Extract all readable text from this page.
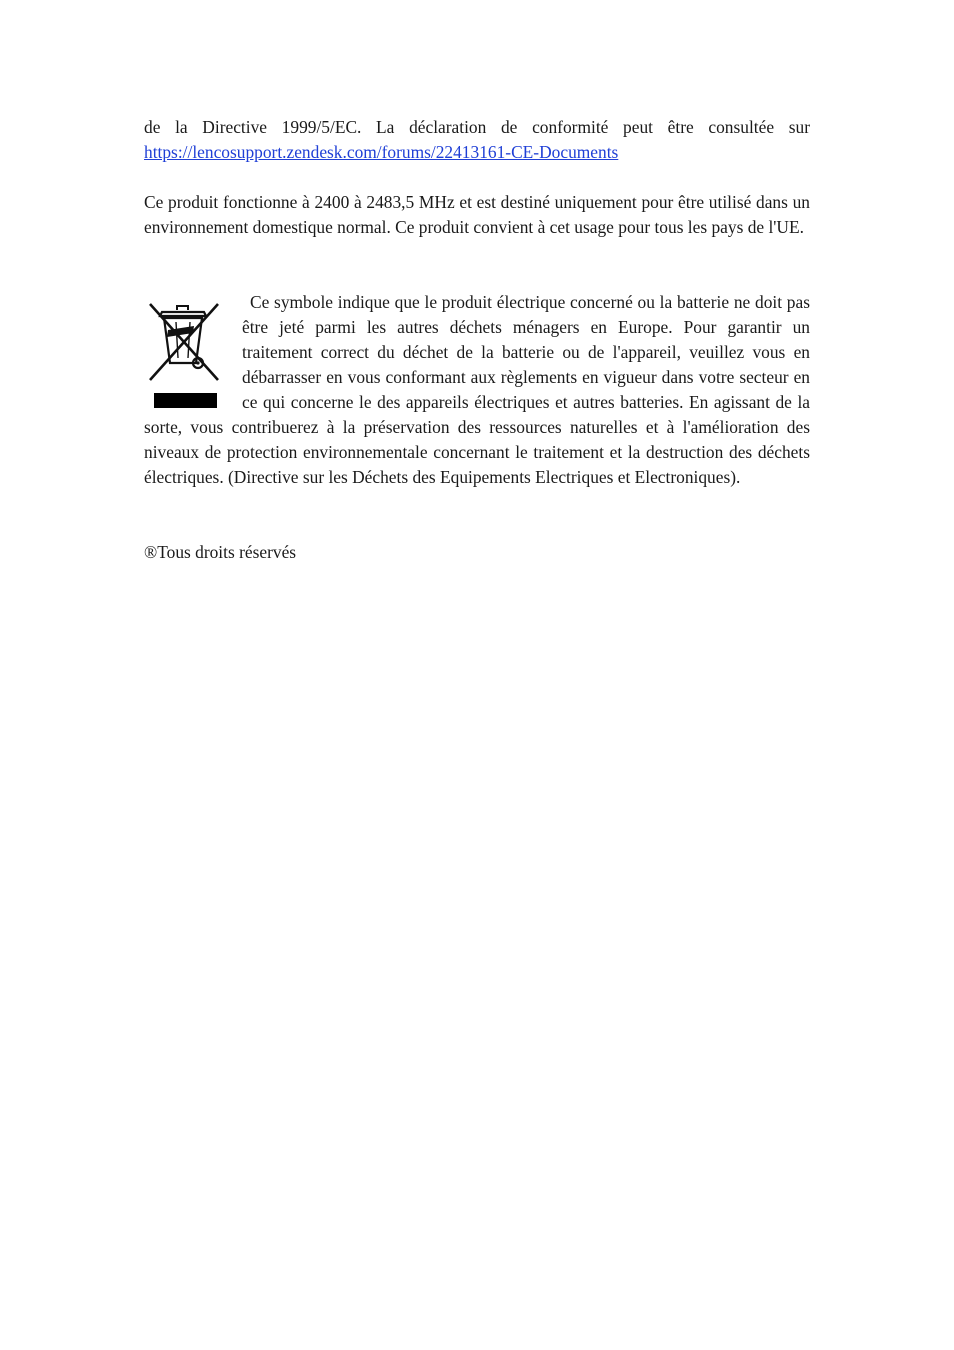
de la Directive 1999/5/EC. La déclaration de conformité peut être consultée sur https://lencosupport.zendesk.com/forums/22413161-CE-Documents

Ce produit fonctionne à 2400 à 2483,5 MHz et est destiné uniquement pour être utilisé dans un environnement domestique normal. Ce produit convient à cet usage pour tous les pays de l'UE.

Ce symbole indique que le produit électrique concerné ou la batterie ne doit pas être jeté parmi les autres déchets ménagers en Europe. Pour garantir un traitement correct du déchet de la batterie ou de l'appareil, veuillez vous en débarrasser en vous conformant aux règlements en vigueur dans votre secteur en ce qui concerne le des appareils électriques et autres batteries. En agissant de la sorte, vous contribuerez à la préservation des ressources naturelles et à l'amélioration des niveaux de protection environnementale concernant le traitement et la destruction des déchets électriques. (Directive sur les Déchets des Equipements Electriques et Electroniques).

®Tous droits réservés
